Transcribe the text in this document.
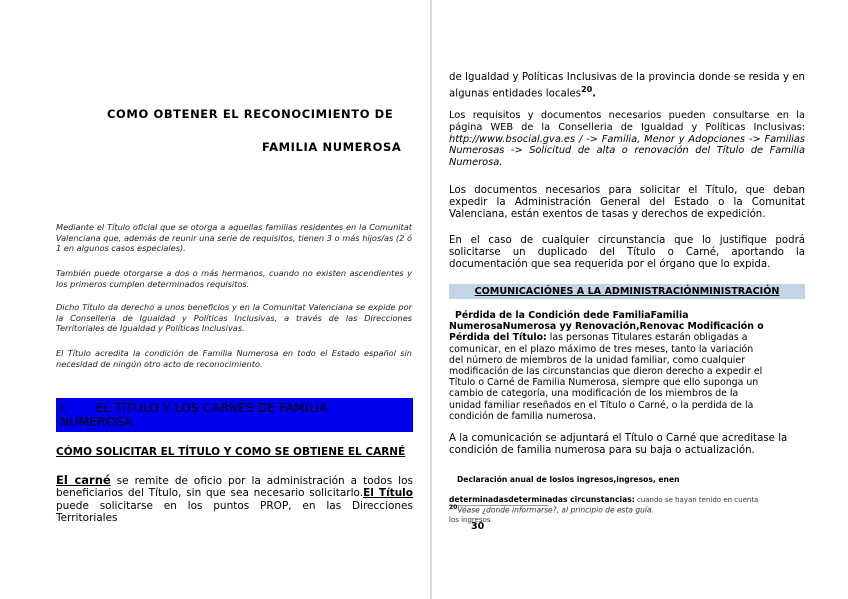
COMO OBTENER EL RECONOCIMIENTO DE

FAMILIA NUMEROSA

Mediante el Título oficial que se otorga a aquellas familias residentes en la Comunitat Valenciana que, además de reunir una serie de requisitos, tienen 3 o más hijos/as (2 ó 1 en algunos casos especiales).

También puede otorgarse a dos o más hermanos, cuando no existen ascendientes y los primeros cumplen determinados requisitos.

Dicho Título da derecho a unos beneficios y en la Comunitat Valenciana se expide por la Conselleria de Igualdad y Políticas Inclusivas, a través de las Direcciones Territoriales de Igualdad y Políticas Inclusivas.

El Título acredita la condición de Familia Numerosa en todo el Estado español sin necesidad de ningún otro acto de reconocimiento.

I. EL TÍTULO Y LOS CARNÉS DE FAMILIA
NUMEROSA

CÓMO SOLICITAR EL TÍTULO Y COMO SE OBTIENE EL CARNÉ

El carné se remite de oficio por la administración a todos los beneficiarios del Título, sin que sea necesario solicitarlo.El Título puede solicitarse en los puntos PROP, en las Direcciones Territoriales

de Igualdad y Políticas Inclusivas de la provincia donde se resida y en algunas entidades locales$^{20}$.

Los requisitos y documentos necesarios pueden consultarse en la página WEB de la Conselleria de Igualdad y Políticas Inclusivas: http://www.bsocial.gva.es / -> Familia, Menor y Adopciones -> Familias Numerosas -> Solicitud de alta o renovación del Título de Familia Numerosa.

Los documentos necesarios para solicitar el Título, que deban expedir la Administración General del Estado o la Comunitat Valenciana, están exentos de tasas y derechos de expedición.

En el caso de cualquier circunstancia que lo justifique podrá solicitarse un duplicado del Título o Carné, aportando la documentación que sea requerida por el órgano que lo expida.

COMUNICACIÓNES A LA ADMINISTRACIÓNMINISTRACIÓN

Pérdida de la Condición dede FamiliaFamilia NumerosaNumerosa yy Renovación,Renovac Modificación o Pérdida del Título: las personas Titulares estarán obligadas a comunicar, en el plazo máximo de tres meses, tanto la variación del número de miembros de la unidad familiar, como cualquier modificación de las circunstancias que dieron derecho a expedir el Título o Carné de Familia Numerosa, siempre que ello suponga un cambio de categoría, una modificación de los miembros de la unidad familiar reseñados en el Título o Carné, o la perdida de la condición de familia numerosa.

A la comunicación se adjuntará el Título o Carné que acreditase la condición de familia numerosa para su baja o actualización.

Declaración anual de loslos ingresos,ingresos, enen determinadasdeterminadas circunstancias: cuando se hayan tenido en cuenta los ingresos

$^{20}$Véase ¿donde informarse?, al principio de esta guía.

30
